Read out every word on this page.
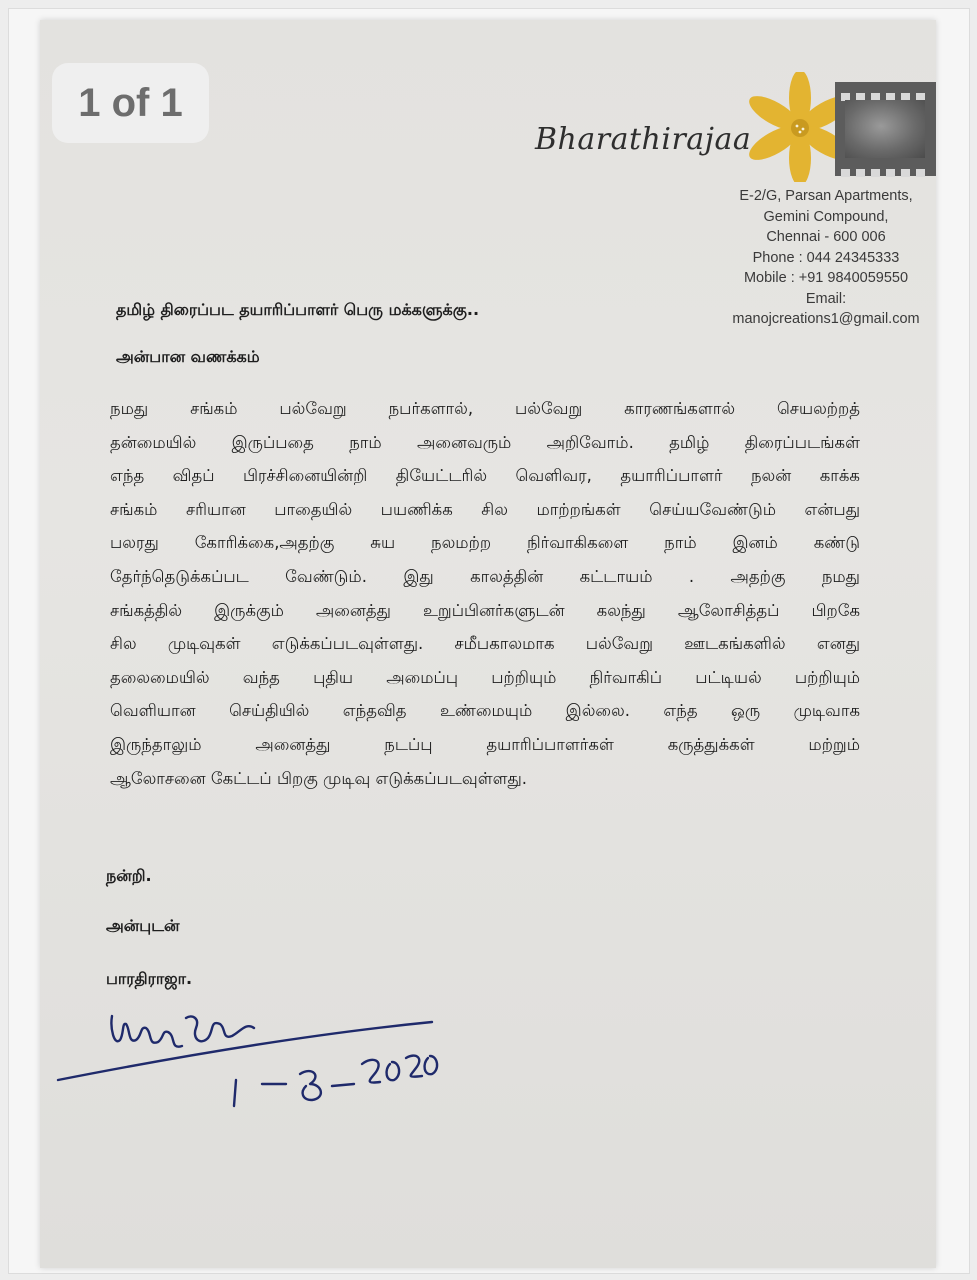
1 of 1
Bharathirajaa
E-2/G, Parsan Apartments,
Gemini Compound,
Chennai - 600 006
Phone : 044 24345333
Mobile : +91 9840059550
Email:
manojcreations1@gmail.com
தமிழ் திரைப்பட தயாரிப்பாளர் பெரு மக்களுக்கு..
அன்பான வணக்கம்
நமது சங்கம் பல்வேறு நபர்களால், பல்வேறு காரணங்களால் செயலற்றத்
தன்மையில் இருப்பதை நாம் அனைவரும் அறிவோம். தமிழ் திரைப்படங்கள்
எந்த விதப் பிரச்சினையின்றி தியேட்டரில் வெளிவர, தயாரிப்பாளர் நலன் காக்க
சங்கம் சரியான பாதையில் பயணிக்க சில மாற்றங்கள் செய்யவேண்டும் என்பது
பலரது கோரிக்கை,அதற்கு சுய நலமற்ற நிர்வாகிகளை நாம் இனம் கண்டு
தேர்ந்தெடுக்கப்பட வேண்டும். இது காலத்தின் கட்டாயம் . அதற்கு நமது
சங்கத்தில் இருக்கும் அனைத்து உறுப்பினர்களுடன் கலந்து ஆலோசித்தப் பிறகே
சில முடிவுகள் எடுக்கப்படவுள்ளது. சமீபகாலமாக பல்வேறு ஊடகங்களில் எனது
தலைமையில் வந்த புதிய அமைப்பு பற்றியும் நிர்வாகிப் பட்டியல் பற்றியும்
வெளியான செய்தியில் எந்தவித உண்மையும் இல்லை. எந்த ஒரு முடிவாக
இருந்தாலும் அனைத்து நடப்பு தயாரிப்பாளர்கள் கருத்துக்கள் மற்றும்
ஆலோசனை கேட்டப் பிறகு முடிவு எடுக்கப்படவுள்ளது.
நன்றி.
அன்புடன்
பாரதிராஜா.
